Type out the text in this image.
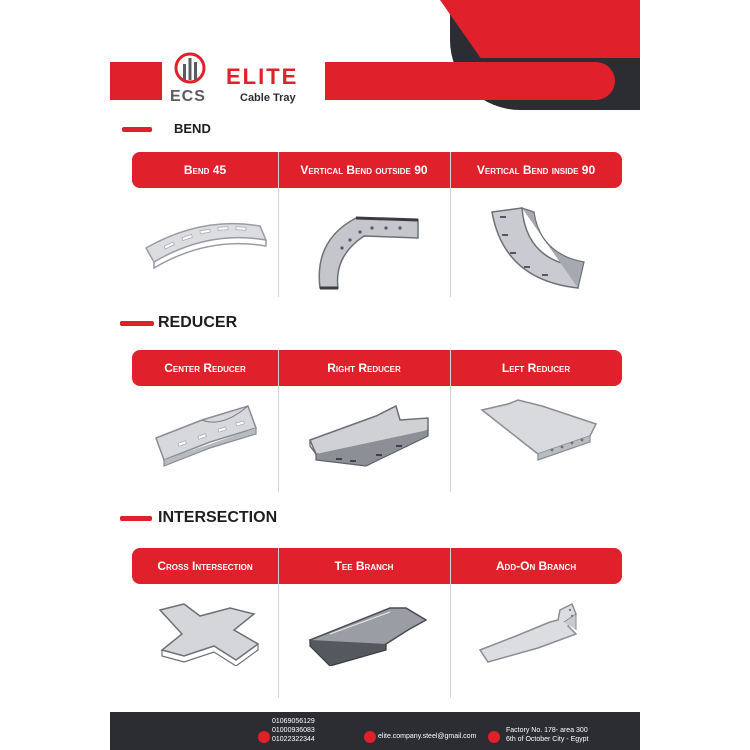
ECS
ELITE
Cable Tray
BEND
Bend 45	Vertical Bend outside 90	Vertical Bend inside 90
REDUCER
Center Reducer	Right Reducer	Left Reducer
INTERSECTION
Cross Intersection	Tee Branch	Add-On Branch
01069056129
01000936083
01022322344	elite.company.steel@gmail.com
Factory No. 178- area 300
6th of October City - Egypt
